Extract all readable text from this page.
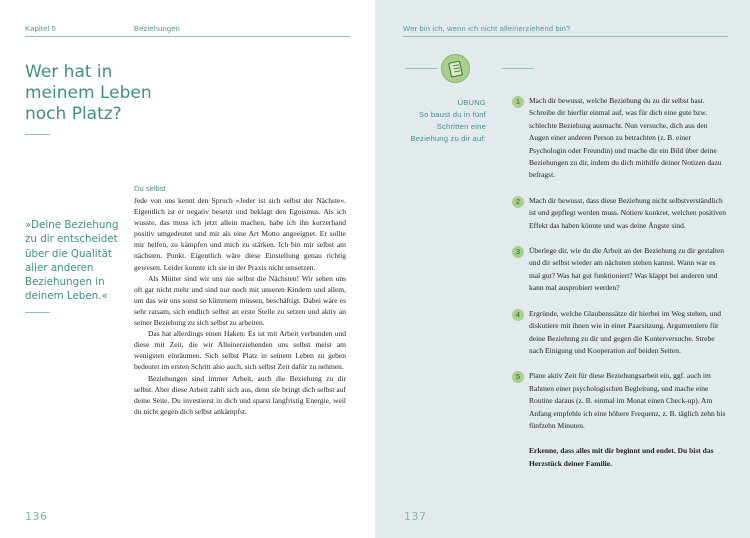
Kapitel 5	Beziehungen
Wer hat in meinem Leben noch Platz?
»Deine Beziehung zu dir entscheidet über die Qualität aller anderen Beziehungen in deinem Leben.«
Du selbst

Jede von uns kennt den Spruch »Jeder ist sich selbst der Nächste«. Eigentlich ist er negativ besetzt und beklagt den Egoismus. Als ich wusste, das muss ich jetzt allein machen, habe ich ihn kurzerhand positiv umgedeutet und mir als eine Art Motto angeeignet. Er sollte mir helfen, zu kämpfen und mich zu stärken. Ich bin mir selbst am nächsten. Punkt. Eigentlich wäre diese Einstellung genau richtig gewesen. Leider konnte ich sie in der Praxis nicht umsetzen.

Als Mütter sind wir uns nie selbst die Nächsten! Wir sehen uns oft gar nicht mehr und sind nur noch mit unseren Kindern und allem, um das wir uns sonst so kümmern müssen, beschäftigt. Dabei wäre es sehr ratsam, sich endlich selbst an erste Stelle zu setzen und aktiv an seiner Beziehung zu sich selbst zu arbeiten.

Das hat allerdings einen Haken: Es ist mit Arbeit verbunden und diese mit Zeit, die wir Alleinerziehenden uns selbst meist am wenigsten einräumen. Sich selbst Platz in seinem Leben zu geben bedeutet im ersten Schritt also auch, sich selbst Zeit dafür zu nehmen.

Beziehungen sind immer Arbeit, auch die Beziehung zu dir selbst. Aber diese Arbeit zahlt sich aus, denn sie bringt dich selbst auf deine Seite. Du investierst in dich und sparst langfristig Energie, weil du nicht gegen dich selbst ankämpfst.

136
Wer bin ich, wenn ich nicht alleinerziehend bin?
ÜBUNG
So baust du in fünf Schritten eine Beziehung zu dir auf:
1	Mach dir bewusst, welche Beziehung du zu dir selbst hast. Schreibe dir hierfür einmal auf, was für dich eine gute bzw. schlechte Beziehung ausmacht. Nun versuche, dich aus den Augen einer anderen Person zu betrachten (z. B. einer Psychologin oder Freundin) und mache dir ein Bild über deine Beziehungen zu dir, indem du dich mithilfe deiner Notizen dazu befragst.
2	Mach dir bewusst, dass diese Beziehung nicht selbstverständlich ist und gepflegt werden muss. Notiere konkret, welchen positiven Effekt das haben könnte und was deine Ängste sind.
3	Überlege dir, wie du die Arbeit an der Beziehung zu dir gestalten und dir selbst wieder am nächsten stehen kannst. Wann war es mal gut? Was hat gut funktioniert? Was klappt bei anderen und kann mal ausprobiert werden?
4	Ergründe, welche Glaubenssätze dir hierbei im Weg stehen, und diskutiere mit ihnen wie in einer Paarsitzung. Argumentiere für deine Beziehung zu dir und gegen die Konterversuche. Strebe nach Einigung und Kooperation auf beiden Seiten.
5	Plane aktiv Zeit für diese Beziehungsarbeit ein, ggf. auch im Rahmen einer psychologischen Begleitung, und mache eine Routine daraus (z. B. einmal im Monat einen Check-up). Am Anfang empfehle ich eine höhere Frequenz, z. B. täglich zehn bis fünfzehn Minuten.
Erkenne, dass alles mit dir beginnt und endet. Du bist das Herzstück deiner Familie.
137
